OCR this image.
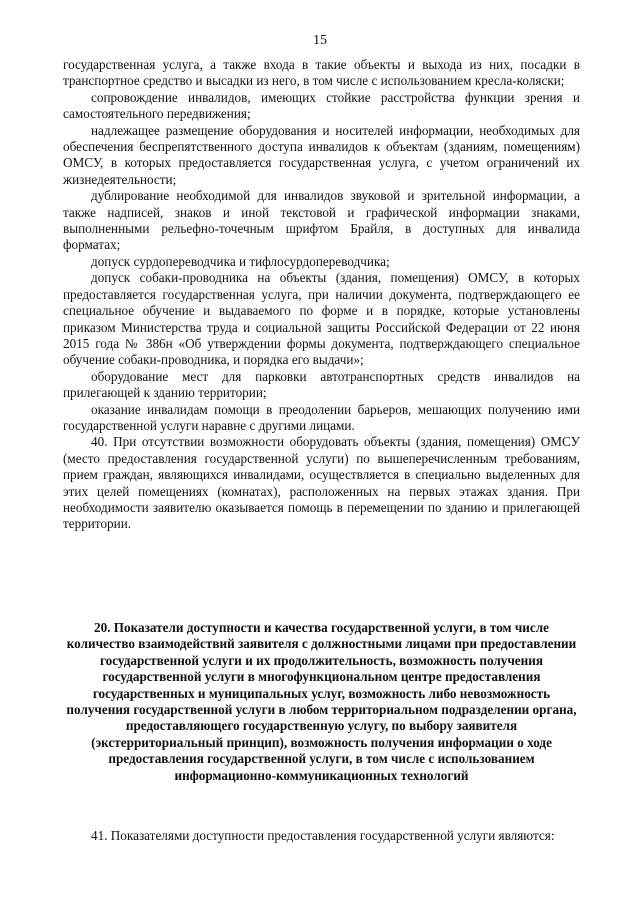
15

государственная услуга, а также входа в такие объекты и выхода из них, посадки в транспортное средство и высадки из него, в том числе с использованием кресла-коляски;

сопровождение инвалидов, имеющих стойкие расстройства функции зрения и самостоятельного передвижения;

надлежащее размещение оборудования и носителей информации, необходимых для обеспечения беспрепятственного доступа инвалидов к объектам (зданиям, помещениям) ОМСУ, в которых предоставляется государственная услуга, с учетом ограничений их жизнедеятельности;

дублирование необходимой для инвалидов звуковой и зрительной информации, а также надписей, знаков и иной текстовой и графической информации знаками, выполненными рельефно-точечным шрифтом Брайля, в доступных для инвалида форматах;

допуск сурдопереводчика и тифлосурдопереводчика;

допуск собаки-проводника на объекты (здания, помещения) ОМСУ, в которых предоставляется государственная услуга, при наличии документа, подтверждающего ее специальное обучение и выдаваемого по форме и в порядке, которые установлены приказом Министерства труда и социальной защиты Российской Федерации от 22 июня 2015 года № 386н «Об утверждении формы документа, подтверждающего специальное обучение собаки-проводника, и порядка его выдачи»;

оборудование мест для парковки автотранспортных средств инвалидов на прилегающей к зданию территории;

оказание инвалидам помощи в преодолении барьеров, мешающих получению ими государственной услуги наравне с другими лицами.

40. При отсутствии возможности оборудовать объекты (здания, помещения) ОМСУ (место предоставления государственной услуги) по вышеперечисленным требованиям, прием граждан, являющихся инвалидами, осуществляется в специально выделенных для этих целей помещениях (комнатах), расположенных на первых этажах здания. При необходимости заявителю оказывается помощь в перемещении по зданию и прилегающей территории.

20. Показатели доступности и качества государственной услуги, в том числе количество взаимодействий заявителя с должностными лицами при предоставлении государственной услуги и их продолжительность, возможность получения государственной услуги в многофункциональном центре предоставления государственных и муниципальных услуг, возможность либо невозможность получения государственной услуги в любом территориальном подразделении органа, предоставляющего государственную услугу, по выбору заявителя (экстерриториальный принцип), возможность получения информации о ходе предоставления государственной услуги, в том числе с использованием информационно-коммуникационных технологий

41. Показателями доступности предоставления государственной услуги являются:
